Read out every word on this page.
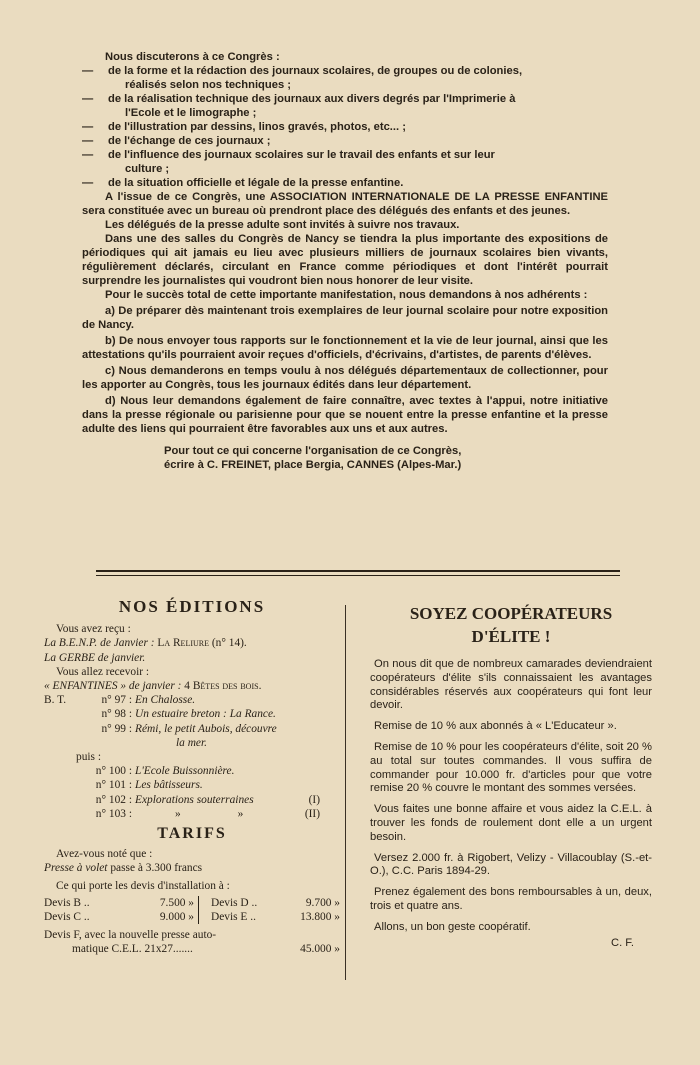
Nous discuterons à ce Congrès :

—	de la forme et la rédaction des journaux scolaires, de groupes ou de colonies,

réalisés selon nos techniques ;

—	de la réalisation technique des journaux aux divers degrés par l'Imprimerie à

l'Ecole et le limographe ;

—	de l'illustration par dessins, linos gravés, photos, etc... ;
—	de l'échange de ces journaux ;
—	de l'influence des journaux scolaires sur le travail des enfants et sur leur

culture ;

—	de la situation officielle et légale de la presse enfantine.

A l'issue de ce Congrès, une ASSOCIATION INTERNATIONALE DE LA PRESSE ENFANTINE sera constituée avec un bureau où prendront place des délégués des enfants et des jeunes.

Les délégués de la presse adulte sont invités à suivre nos travaux.

Dans une des salles du Congrès de Nancy se tiendra la plus importante des expositions de périodiques qui ait jamais eu lieu avec plusieurs milliers de journaux scolaires bien vivants, régulièrement déclarés, circulant en France comme périodiques et dont l'intérêt pourrait surprendre les journalistes qui voudront bien nous honorer de leur visite.

Pour le succès total de cette importante manifestation, nous demandons à nos adhérents :

a) De préparer dès maintenant trois exemplaires de leur journal scolaire pour notre exposition de Nancy.

b) De nous envoyer tous rapports sur le fonctionnement et la vie de leur journal, ainsi que les attestations qu'ils pourraient avoir reçues d'officiels, d'écrivains, d'artistes, de parents d'élèves.

c) Nous demanderons en temps voulu à nos délégués départementaux de collectionner, pour les apporter au Congrès, tous les journaux édités dans leur département.

d) Nous leur demandons également de faire connaître, avec textes à l'appui, notre initiative dans la presse régionale ou parisienne pour que se nouent entre la presse enfantine et la presse adulte des liens qui pourraient être favorables aux uns et aux autres.

Pour tout ce qui concerne l'organisation de ce Congrès,

écrire à C. FREINET, place Bergia, CANNES (Alpes-Mar.)

NOS ÉDITIONS
Vous avez reçu :
La B.E.N.P. de Janvier : La Reliure (n° 14).
La GERBE de janvier.
Vous allez recevoir :
« ENFANTINES » de janvier : 4 Bêtes des bois.
B. T.	n° 97 : En Chalosse.
n° 98 : Un estuaire breton : La Rance.
n° 99 : Rémi, le petit Aubois, découvre
la mer.
puis :
n° 100 : L'Ecole Buissonnière.
n° 101 : Les bâtisseurs.
n° 102 : Explorations souterraines	(I)
n° 103 :	»                    »	(II)
TARIFS
Avez-vous noté que :
Presse à volet passe à 3.300 francs
Ce qui porte les devis d'installation à :
Devis B ..	7.500 »
Devis C ..	9.000 »
Devis D ..	9.700 »
Devis E ..	13.800 »
Devis F, avec la nouvelle presse auto-
matique C.E.L. 21x27.......	45.000 »
SOYEZ COOPÉRATEURS
D'ÉLITE !

On nous dit que de nombreux camarades deviendraient coopérateurs d'élite s'ils connaissaient les avantages considérables réservés aux coopérateurs qui font leur devoir.

Remise de 10 % aux abonnés à « L'Educateur ».

Remise de 10 % pour les coopérateurs d'élite, soit 20 % au total sur toutes commandes. Il vous suffira de commander pour 10.000 fr. d'articles pour que votre remise 20 % couvre le montant des sommes versées.

Vous faites une bonne affaire et vous aidez la C.E.L. à trouver les fonds de roulement dont elle a un urgent besoin.

Versez 2.000 fr. à Rigobert, Velizy - Villacoublay (S.-et-O.), C.C. Paris 1894-29.

Prenez également des bons remboursables à un, deux, trois et quatre ans.

Allons, un bon geste coopératif.

C. F.
